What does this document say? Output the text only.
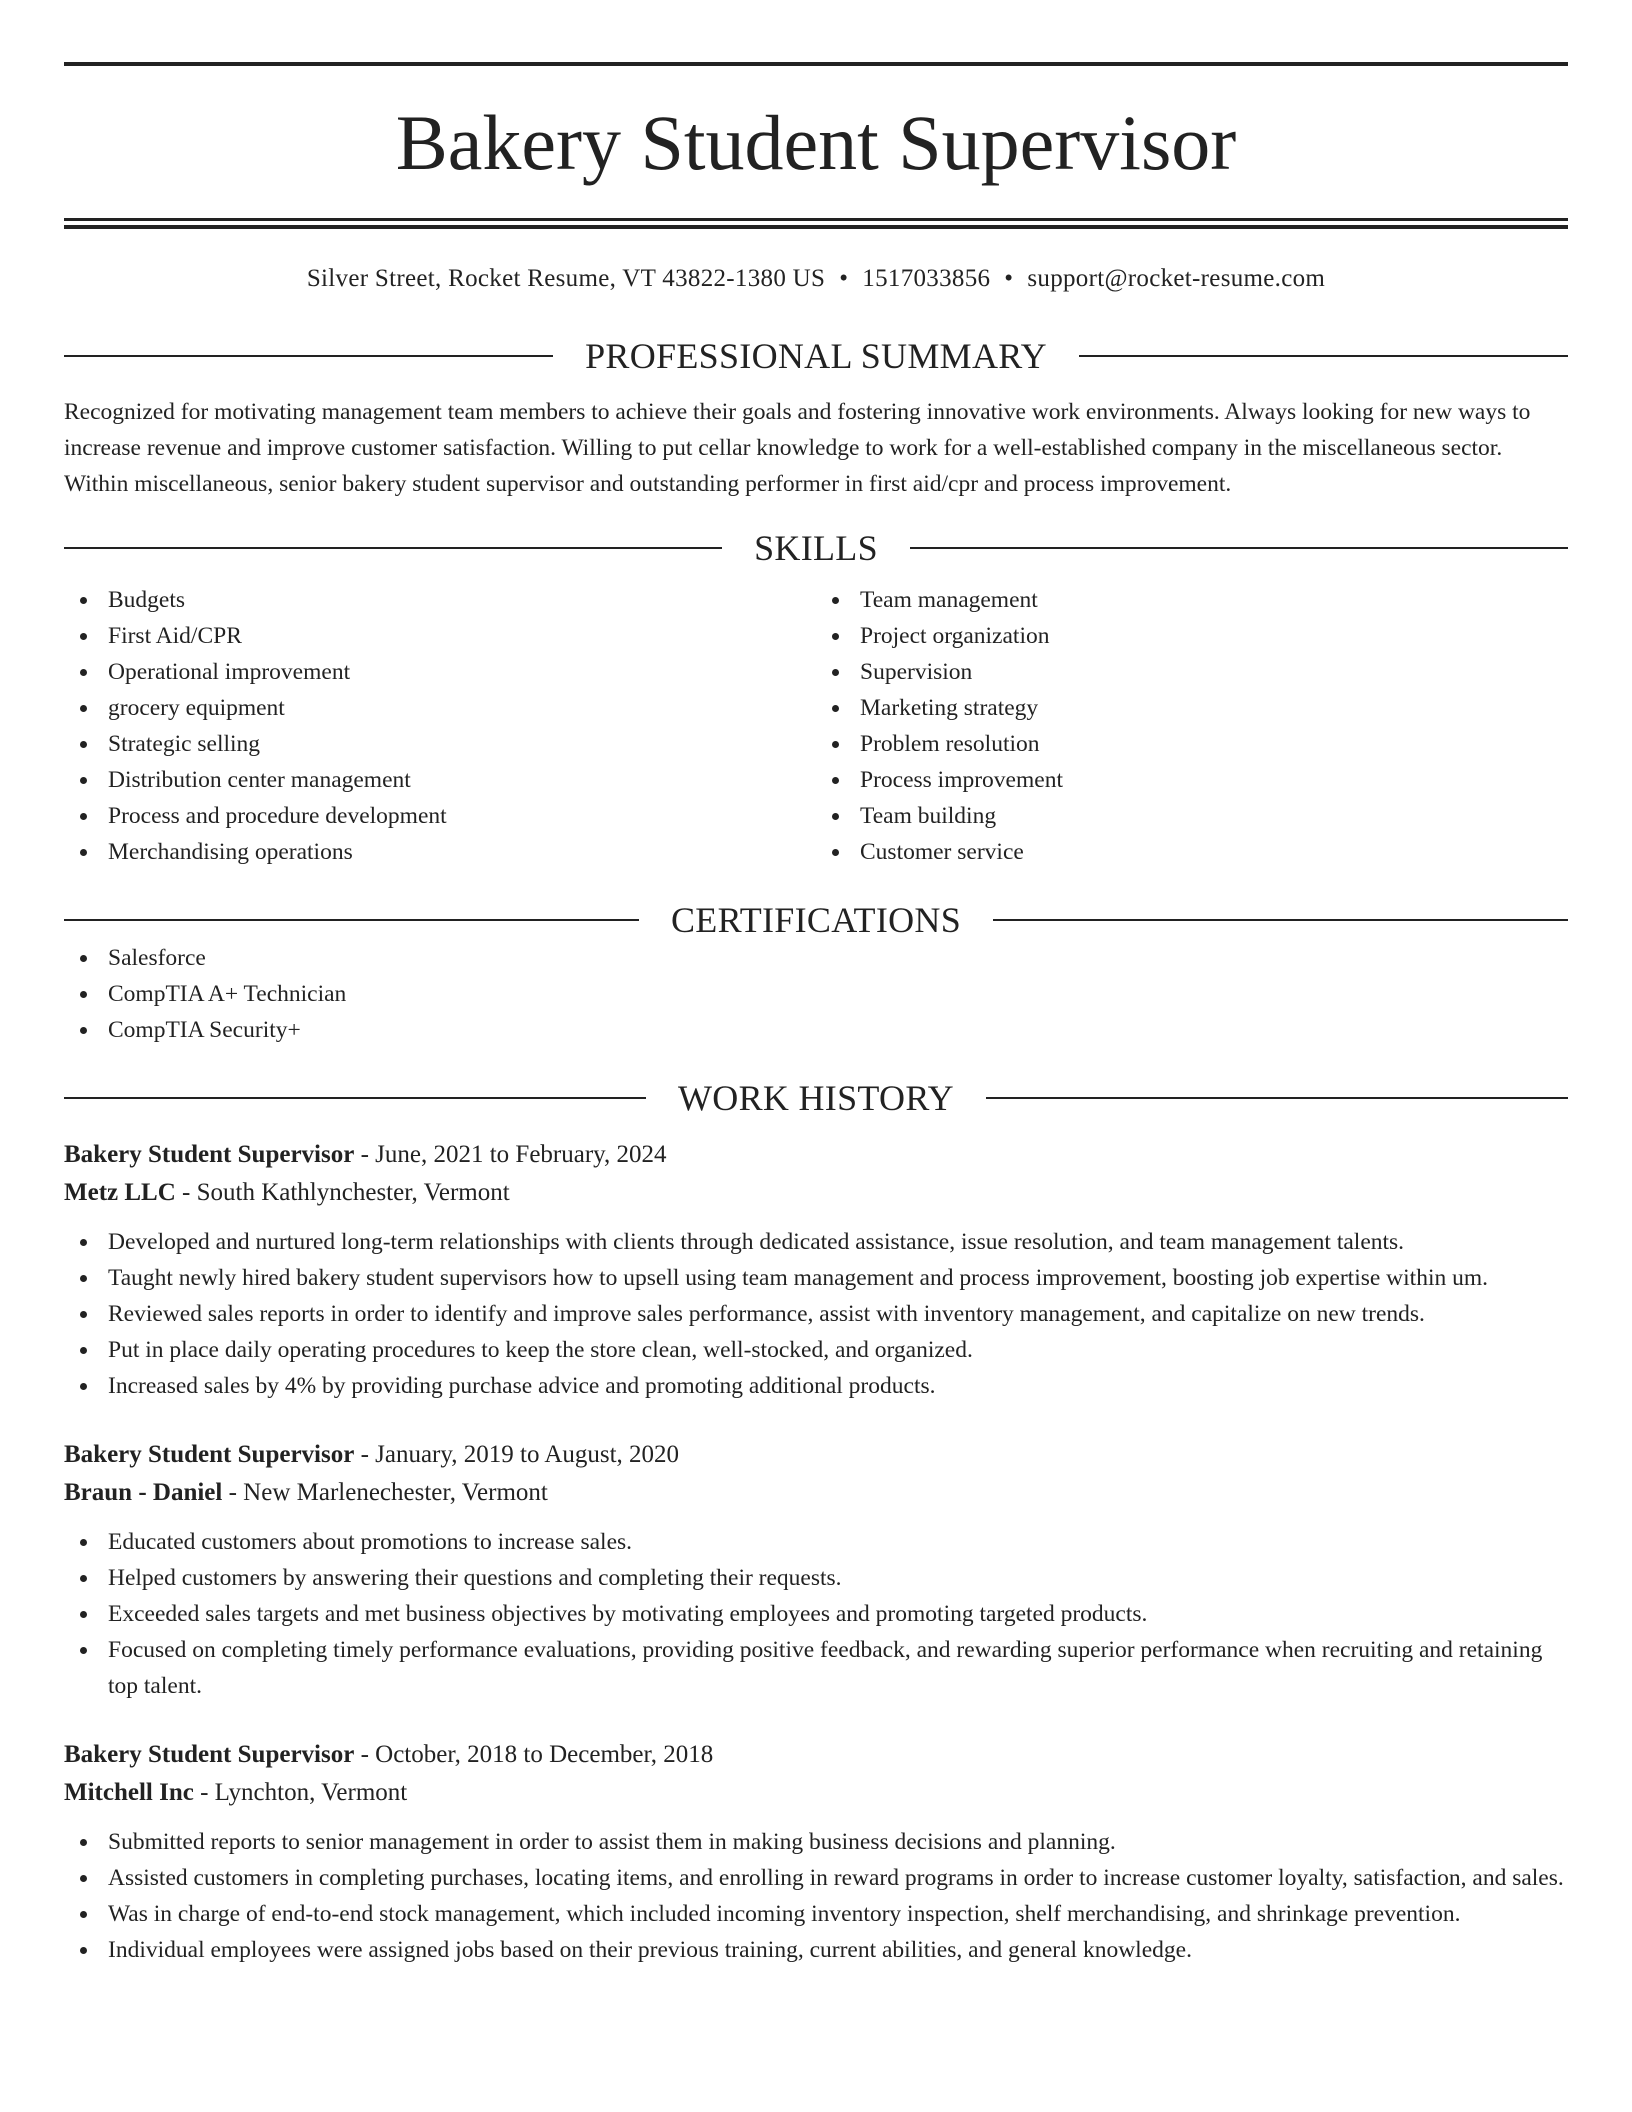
Bakery Student Supervisor
Silver Street, Rocket Resume, VT 43822-1380 US • 1517033856 • support@rocket-resume.com
PROFESSIONAL SUMMARY

Recognized for motivating management team members to achieve their goals and fostering innovative work environments. Always looking for new ways to increase revenue and improve customer satisfaction. Willing to put cellar knowledge to work for a well-established company in the miscellaneous sector. Within miscellaneous, senior bakery student supervisor and outstanding performer in first aid/cpr and process improvement.

SKILLS
Budgets
First Aid/CPR
Operational improvement
grocery equipment
Strategic selling
Distribution center management
Process and procedure development
Merchandising operations
Team management
Project organization
Supervision
Marketing strategy
Problem resolution
Process improvement
Team building
Customer service
CERTIFICATIONS
Salesforce
CompTIA A+ Technician
CompTIA Security+
WORK HISTORY
Bakery Student Supervisor - June, 2021 to February, 2024
Metz LLC - South Kathlynchester, Vermont
Developed and nurtured long-term relationships with clients through dedicated assistance, issue resolution, and team management talents.
Taught newly hired bakery student supervisors how to upsell using team management and process improvement, boosting job expertise within um.
Reviewed sales reports in order to identify and improve sales performance, assist with inventory management, and capitalize on new trends.
Put in place daily operating procedures to keep the store clean, well-stocked, and organized.
Increased sales by 4% by providing purchase advice and promoting additional products.
Bakery Student Supervisor - January, 2019 to August, 2020
Braun - Daniel - New Marlenechester, Vermont
Educated customers about promotions to increase sales.
Helped customers by answering their questions and completing their requests.
Exceeded sales targets and met business objectives by motivating employees and promoting targeted products.
Focused on completing timely performance evaluations, providing positive feedback, and rewarding superior performance when recruiting and retaining top talent.
Bakery Student Supervisor - October, 2018 to December, 2018
Mitchell Inc - Lynchton, Vermont
Submitted reports to senior management in order to assist them in making business decisions and planning.
Assisted customers in completing purchases, locating items, and enrolling in reward programs in order to increase customer loyalty, satisfaction, and sales.
Was in charge of end-to-end stock management, which included incoming inventory inspection, shelf merchandising, and shrinkage prevention.
Individual employees were assigned jobs based on their previous training, current abilities, and general knowledge.
